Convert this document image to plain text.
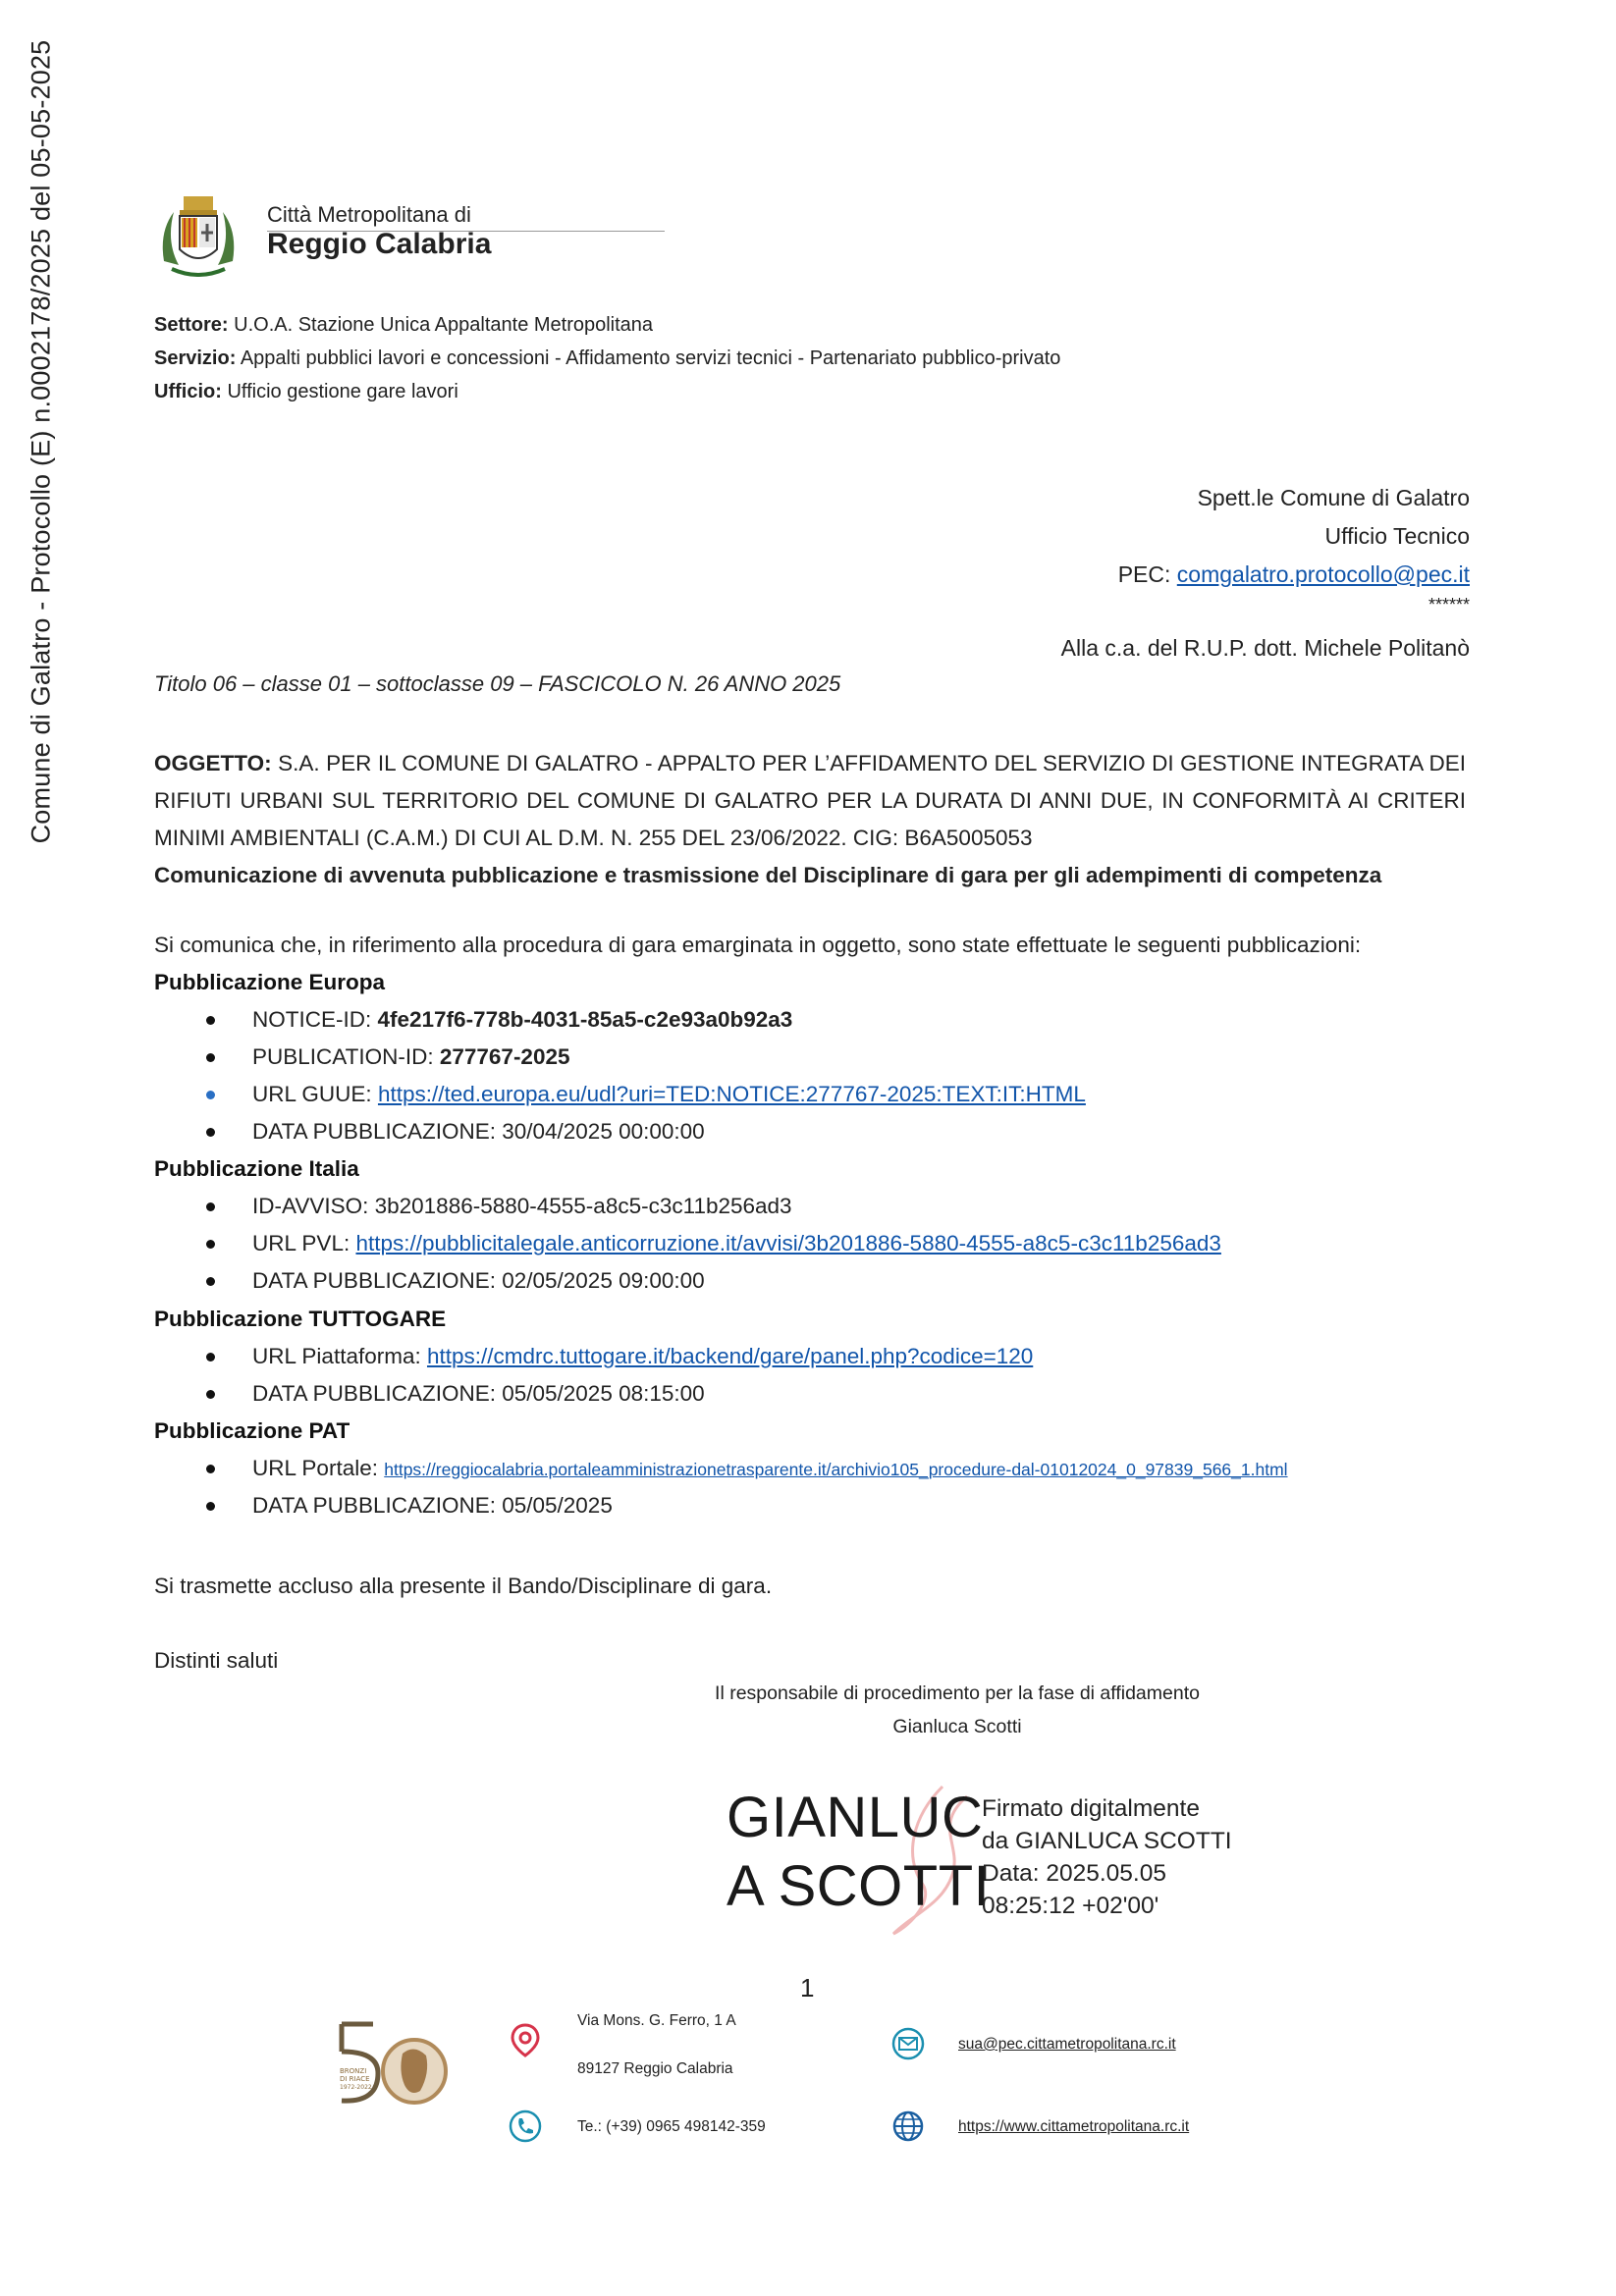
Comune di Galatro - Protocollo (E) n.0002178/2025 del 05-05-2025	Città Metropolitana di
Reggio Calabria
Settore: U.O.A. Stazione Unica Appaltante Metropolitana
Servizio: Appalti pubblici lavori e concessioni - Affidamento servizi tecnici - Partenariato pubblico-privato
Ufficio: Ufficio gestione gare lavori
Spett.le Comune di Galatro
Ufficio Tecnico
PEC: comgalatro.protocollo@pec.it
******
Alla c.a. del R.U.P. dott. Michele Politanò
Titolo 06 – classe 01 – sottoclasse 09 – FASCICOLO N. 26 ANNO 2025
OGGETTO: S.A. PER IL COMUNE DI GALATRO - APPALTO PER L’AFFIDAMENTO DEL SERVIZIO DI GESTIONE INTEGRATA DEI RIFIUTI URBANI SUL TERRITORIO DEL COMUNE DI GALATRO PER LA DURATA DI ANNI DUE, IN CONFORMITÀ AI CRITERI MINIMI AMBIENTALI (C.A.M.) DI CUI AL D.M. N. 255 DEL 23/06/2022. CIG: B6A5005053
Comunicazione di avvenuta pubblicazione e trasmissione del Disciplinare di gara per gli adempimenti di competenza
Si comunica che, in riferimento alla procedura di gara emarginata in oggetto, sono state effettuate le seguenti pubblicazioni:
Pubblicazione Europa
NOTICE-ID: 4fe217f6-778b-4031-85a5-c2e93a0b92a3
PUBLICATION-ID: 277767-2025
URL GUUE: https://ted.europa.eu/udl?uri=TED:NOTICE:277767-2025:TEXT:IT:HTML
DATA PUBBLICAZIONE: 30/04/2025 00:00:00
Pubblicazione Italia
ID-AVVISO: 3b201886-5880-4555-a8c5-c3c11b256ad3
URL PVL: https://pubblicitalegale.anticorruzione.it/avvisi/3b201886-5880-4555-a8c5-c3c11b256ad3
DATA PUBBLICAZIONE: 02/05/2025 09:00:00
Pubblicazione TUTTOGARE
URL Piattaforma: https://cmdrc.tuttogare.it/backend/gare/panel.php?codice=120
DATA PUBBLICAZIONE: 05/05/2025 08:15:00
Pubblicazione PAT
URL Portale: https://reggiocalabria.portaleamministrazionetrasparente.it/archivio105_procedure-dal-01012024_0_97839_566_1.html
DATA PUBBLICAZIONE: 05/05/2025
Si trasmette accluso alla presente il Bando/Disciplinare di gara.
Distinti saluti
Il responsabile di procedimento per la fase di affidamento
Gianluca Scotti
GIANLUC
A SCOTTI
Firmato digitalmente
da GIANLUCA SCOTTI
Data: 2025.05.05
08:25:12 +02'00'
1
BRONZI
DI RIACE
1972-2022
Via Mons. G. Ferro, 1 A
89127 Reggio Calabria
Te.: (+39) 0965 498142-359
sua@pec.cittametropolitana.rc.it
https://www.cittametropolitana.rc.it
